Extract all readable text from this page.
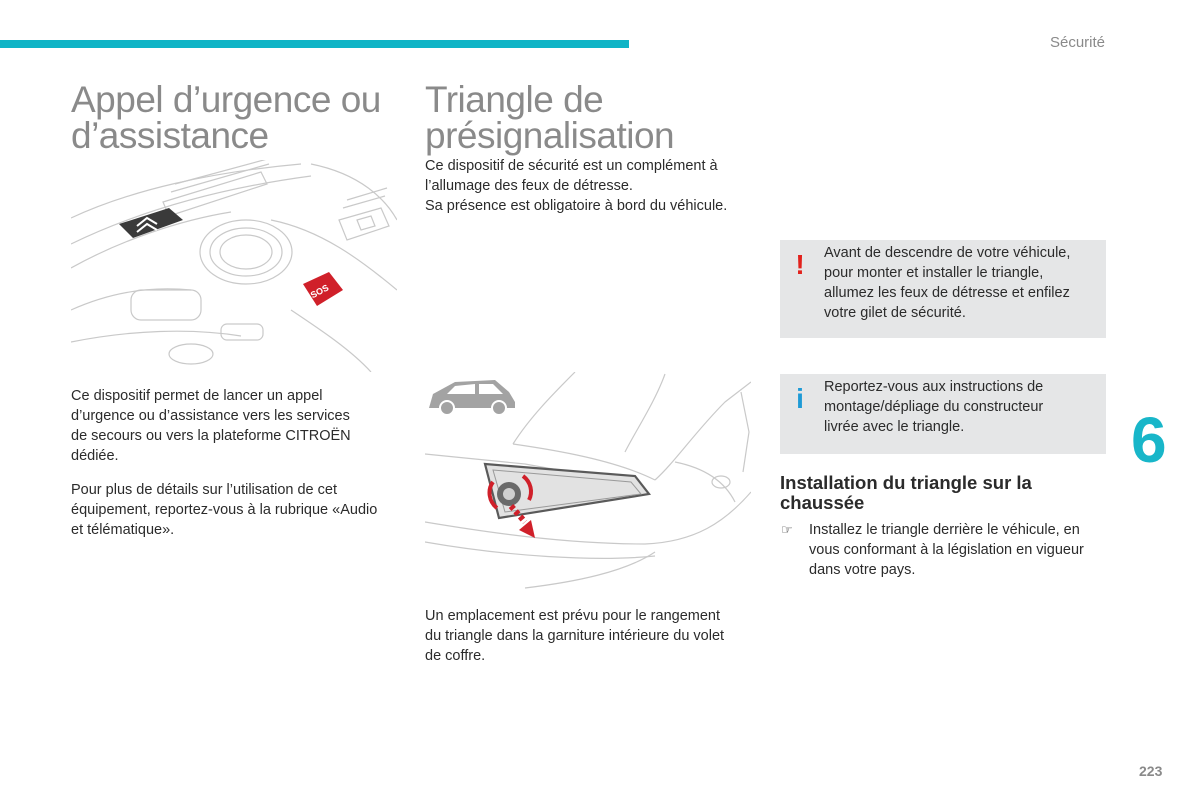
Sécurité
6
223
Appel d’urgence ou
d’assistance
SOS

Ce dispositif permet de lancer un appel
d’urgence ou d’assistance vers les services
de secours ou vers la plateforme CITROËN
dédiée.

Pour plus de détails sur l’utilisation de cet
équipement, reportez-vous à la rubrique «Audio
et télématique».

Triangle de
présignalisation

Ce dispositif de sécurité est un complément à
l’allumage des feux de détresse.
Sa présence est obligatoire à bord du véhicule.

Un emplacement est prévu pour le rangement
du triangle dans la garniture intérieure du volet
de coffre.

! Avant de descendre de votre véhicule,
pour monter et installer le triangle,
allumez les feux de détresse et enfilez
votre gilet de sécurité.

i Reportez-vous aux instructions de
montage/dépliage du constructeur
livrée avec le triangle.

Installation du triangle sur la
chaussée
☞ Installez le triangle derrière le véhicule, en
vous conformant à la législation en vigueur
dans votre pays.
